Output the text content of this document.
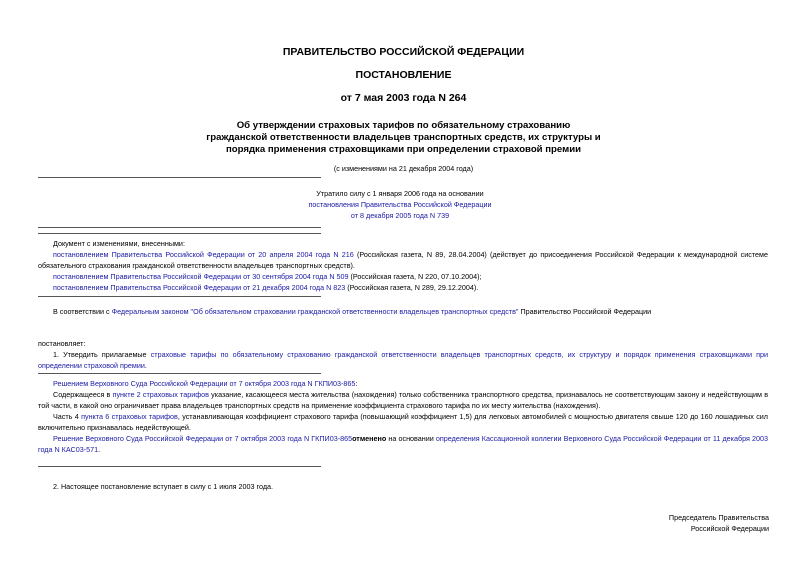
ПРАВИТЕЛЬСТВО РОССИЙСКОЙ ФЕДЕРАЦИИ
ПОСТАНОВЛЕНИЕ
от 7 мая 2003 года N 264
Об утверждении страховых тарифов по обязательному страхованию
гражданской ответственности владельцев транспортных средств, их структуры и
порядка применения страховщиками при определении страховой премии
(с изменениями на 21 декабря 2004 года)
Утратило силу с 1 января 2006 года на основании
постановления Правительства Российской Федерации
от 8 декабря 2005 года N 739
Документ с изменениями, внесенными:
постановлением Правительства Российской Федерации от 20 апреля 2004 года N 216 (Российская газета, N 89, 28.04.2004) (действует до присоединения Российской Федерации к международной системе обязательного страхования гражданской ответственности владельцев транспортных средств).
постановлением Правительства Российской Федерации от 30 сентября 2004 года N 509 (Российская газета, N 220, 07.10.2004);
постановлением Правительства Российской Федерации от 21 декабря 2004 года N 823 (Российская газета, N 289, 29.12.2004).
В соответствии с Федеральным законом "Об обязательном страховании гражданской ответственности владельцев транспортных средств" Правительство Российской Федерации
постановляет:
1. Утвердить прилагаемые страховые тарифы по обязательному страхованию гражданской ответственности владельцев транспортных средств, их структуру и порядок применения страховщиками при определении страховой премии.
Решением Верховного Суда Российской Федерации от 7 октября 2003 года N ГКПИ03-865:
Содержащееся в пункте 2 страховых тарифов указание, касающееся места жительства (нахождения) только собственника транспортного средства, признавалось не соответствующим закону и недействующим в той части, в какой оно ограничивает права владельцев транспортных средств на применение коэффициента страхового тарифа по их месту жительства (нахождения).
Часть 4 пункта 6 страховых тарифов, устанавливающая коэффициент страхового тарифа (повышающий коэффициент 1,5) для легковых автомобилей с мощностью двигателя свыше 120 до 160 лошадиных сил включительно признавалась недействующей.
Решение Верховного Суда Российской Федерации от 7 октября 2003 года N ГКПИ03-865отменено на основании определения Кассационной коллегии Верховного Суда Российской Федерации от 11 декабря 2003 года N КАС03-571.
2. Настоящее постановление вступает в силу с 1 июля 2003 года.
Председатель Правительства
Российской Федерации
